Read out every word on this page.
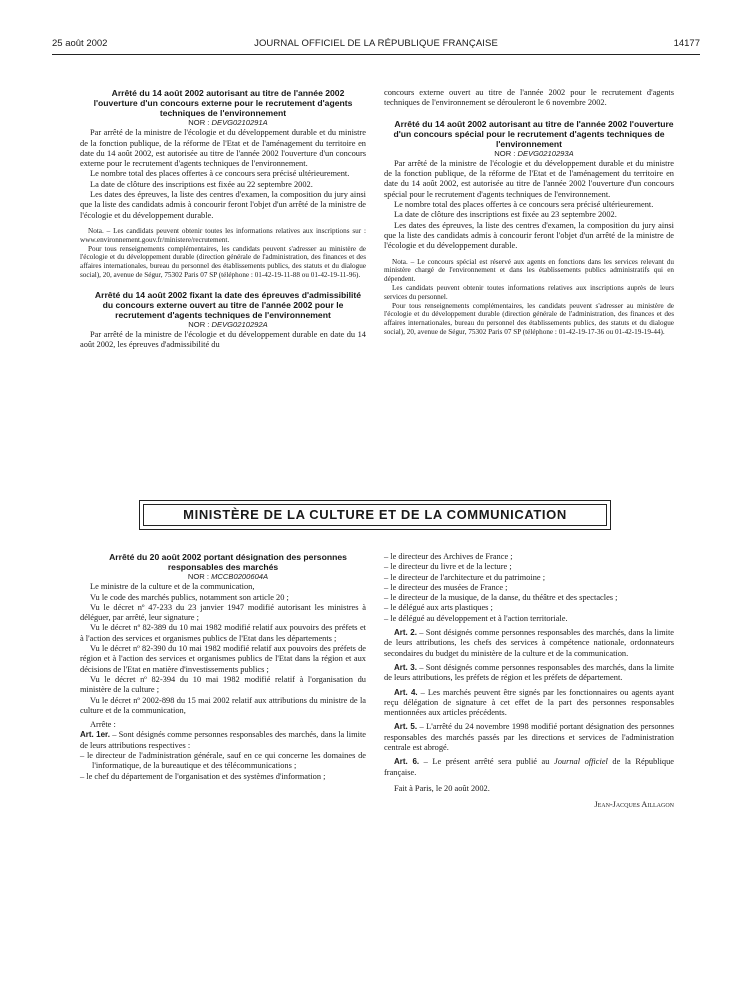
25 août 2002	JOURNAL OFFICIEL DE LA RÉPUBLIQUE FRANÇAISE	14177

Arrêté du 14 août 2002 autorisant au titre de l'année 2002 l'ouverture d'un concours externe pour le recrutement d'agents techniques de l'environnement

NOR : DEVG0210291A

Par arrêté de la ministre de l'écologie et du développement durable et du ministre de la fonction publique, de la réforme de l'Etat et de l'aménagement du territoire en date du 14 août 2002, est autorisée au titre de l'année 2002 l'ouverture d'un concours externe pour le recrutement d'agents techniques de l'environnement.

Le nombre total des places offertes à ce concours sera précisé ultérieurement.

La date de clôture des inscriptions est fixée au 22 septembre 2002.

Les dates des épreuves, la liste des centres d'examen, la composition du jury ainsi que la liste des candidats admis à concourir feront l'objet d'un arrêté de la ministre de l'écologie et du développement durable.

Nota. – Les candidats peuvent obtenir toutes les informations relatives aux inscriptions sur : www.environnement.gouv.fr/ministere/recrutement.

Pour tous renseignements complémentaires, les candidats peuvent s'adresser au ministère de l'écologie et du développement durable (direction générale de l'administration, des finances et des affaires internationales, bureau du personnel des établissements publics, des statuts et du dialogue social), 20, avenue de Ségur, 75302 Paris 07 SP (téléphone : 01-42-19-11-88 ou 01-42-19-11-96).

Arrêté du 14 août 2002 fixant la date des épreuves d'admissibilité du concours externe ouvert au titre de l'année 2002 pour le recrutement d'agents techniques de l'environnement

NOR : DEVG0210292A

Par arrêté de la ministre de l'écologie et du développement durable en date du 14 août 2002, les épreuves d'admissibilité du

concours externe ouvert au titre de l'année 2002 pour le recrutement d'agents techniques de l'environnement se dérouleront le 6 novembre 2002.

Arrêté du 14 août 2002 autorisant au titre de l'année 2002 l'ouverture d'un concours spécial pour le recrutement d'agents techniques de l'environnement

NOR : DEVG0210293A

Par arrêté de la ministre de l'écologie et du développement durable et du ministre de la fonction publique, de la réforme de l'Etat et de l'aménagement du territoire en date du 14 août 2002, est autorisée au titre de l'année 2002 l'ouverture d'un concours spécial pour le recrutement d'agents techniques de l'environnement.

Le nombre total des places offertes à ce concours sera précisé ultérieurement.

La date de clôture des inscriptions est fixée au 23 septembre 2002.

Les dates des épreuves, la liste des centres d'examen, la composition du jury ainsi que la liste des candidats admis à concourir feront l'objet d'un arrêté de la ministre de l'écologie et du développement durable.

Nota. – Le concours spécial est réservé aux agents en fonctions dans les services relevant du ministère chargé de l'environnement et dans les établissements publics administratifs qui en dépendent.

Les candidats peuvent obtenir toutes informations relatives aux inscriptions auprès de leurs services du personnel.

Pour tous renseignements complémentaires, les candidats peuvent s'adresser au ministère de l'écologie et du développement durable (direction générale de l'administration, des finances et des affaires internationales, bureau du personnel des établissements publics, des statuts et du dialogue social), 20, avenue de Ségur, 75302 Paris 07 SP (téléphone : 01-42-19-17-36 ou 01-42-19-19-44).

MINISTÈRE DE LA CULTURE ET DE LA COMMUNICATION

Arrêté du 20 août 2002 portant désignation des personnes responsables des marchés

NOR : MCCB0200604A

Le ministre de la culture et de la communication,

Vu le code des marchés publics, notamment son article 20 ;

Vu le décret nº 47-233 du 23 janvier 1947 modifié autorisant les ministres à déléguer, par arrêté, leur signature ;

Vu le décret nº 82-389 du 10 mai 1982 modifié relatif aux pouvoirs des préfets et à l'action des services et organismes publics de l'Etat dans les départements ;

Vu le décret nº 82-390 du 10 mai 1982 modifié relatif aux pouvoirs des préfets de région et à l'action des services et organismes publics de l'Etat dans la région et aux décisions de l'Etat en matière d'investissements publics ;

Vu le décret nº 82-394 du 10 mai 1982 modifié relatif à l'organisation du ministère de la culture ;

Vu le décret nº 2002-898 du 15 mai 2002 relatif aux attributions du ministre de la culture et de la communication,

Arrête :

Art. 1er. – Sont désignés comme personnes responsables des marchés, dans la limite de leurs attributions respectives :

– le directeur de l'administration générale, sauf en ce qui concerne les domaines de l'informatique, de la bureautique et des télécommunications ;

– le chef du département de l'organisation et des systèmes d'information ;

– le directeur des Archives de France ;

– le directeur du livre et de la lecture ;

– le directeur de l'architecture et du patrimoine ;

– le directeur des musées de France ;

– le directeur de la musique, de la danse, du théâtre et des spectacles ;

– le délégué aux arts plastiques ;

– le délégué au développement et à l'action territoriale.

Art. 2. – Sont désignés comme personnes responsables des marchés, dans la limite de leurs attributions, les chefs des services à compétence nationale, ordonnateurs secondaires du budget du ministère de la culture et de la communication.

Art. 3. – Sont désignés comme personnes responsables des marchés, dans la limite de leurs attributions, les préfets de région et les préfets de département.

Art. 4. – Les marchés peuvent être signés par les fonctionnaires ou agents ayant reçu délégation de signature à cet effet de la part des personnes responsables mentionnées aux articles précédents.

Art. 5. – L'arrêté du 24 novembre 1998 modifié portant désignation des personnes responsables des marchés passés par les directions et services de l'administration centrale est abrogé.

Art. 6. – Le présent arrêté sera publié au Journal officiel de la République française.

Fait à Paris, le 20 août 2002.

Jean-Jacques Aillagon
